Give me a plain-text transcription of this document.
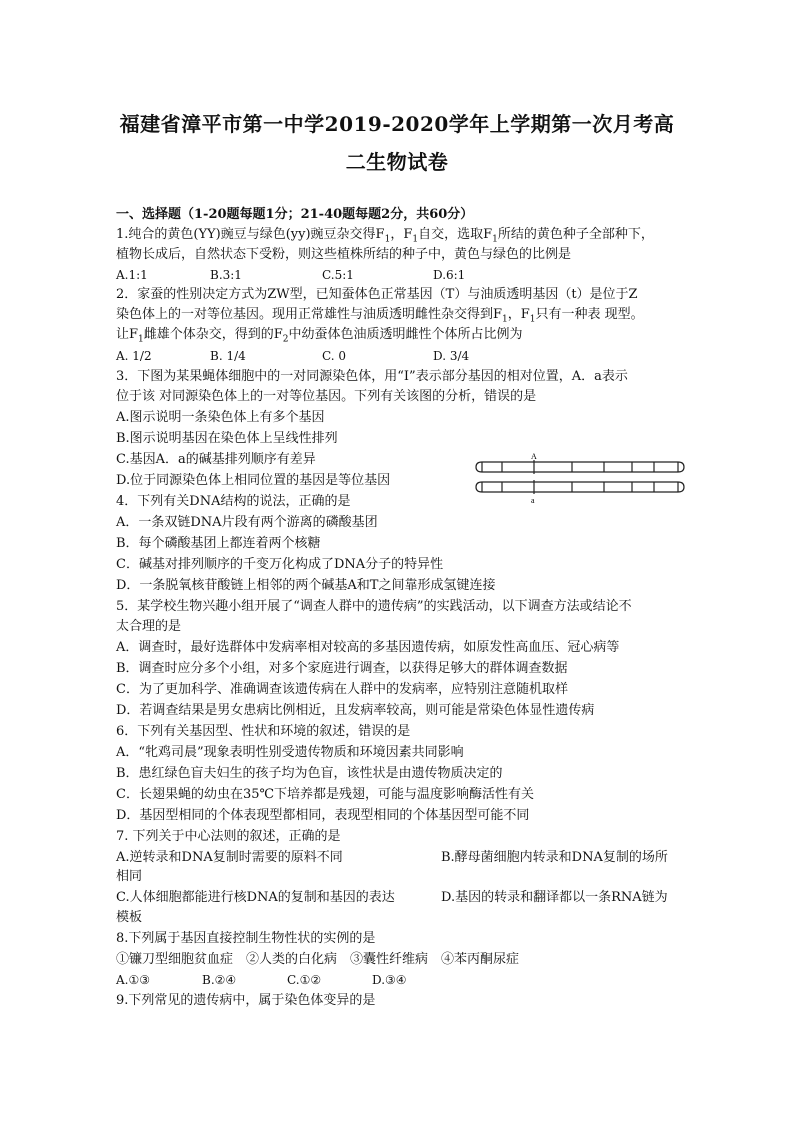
福建省漳平市第一中学2019-2020学年上学期第一次月考高
二生物试卷
一、选择题（1-20题每题1分；21-40题每题2分，共60分）
1.纯合的黄色(YY)豌豆与绿色(yy)豌豆杂交得$F_1$，$F_1$自交，选取$F_1$所结的黄色种子全部种下，
植物长成后，自然状态下受粉，则这些植株所结的种子中，黄色与绿色的比例是
A.1:1	B.3:1	C.5:1	D.6:1
2．家蚕的性别决定方式为ZW型，已知蚕体色正常基因（T）与油质透明基因（t）是位于Z
染色体上的一对等位基因。现用正常雄性与油质透明雌性杂交得到$F_1$，$F_1$只有一种表 现型。
让$F_1$雌雄个体杂交，得到的$F_2$中幼蚕体色油质透明雌性个体所占比例为
A. 1/2	B. 1/4	C. 0	D. 3/4
3．下图为某果蝇体细胞中的一对同源染色体，用“I”表示部分基因的相对位置，A．a表示
位于该 对同源染色体上的一对等位基因。下列有关该图的分析，错误的是
A.图示说明一条染色体上有多个基因
B.图示说明基因在染色体上呈线性排列
C.基因A．a的碱基排列顺序有差异
D.位于同源染色体上相同位置的基因是等位基因
A
a
4．下列有关DNA结构的说法，正确的是
A．一条双链DNA片段有两个游离的磷酸基团
B．每个磷酸基团上都连着两个核糖
C．碱基对排列顺序的千变万化构成了DNA分子的特异性
D．一条脱氧核苷酸链上相邻的两个碱基A和T之间靠形成氢键连接
5．某学校生物兴趣小组开展了“调查人群中的遗传病”的实践活动，以下调查方法或结论不
太合理的是
A．调查时，最好选群体中发病率相对较高的多基因遗传病，如原发性高血压、冠心病等
B．调查时应分多个小组，对多个家庭进行调查，以获得足够大的群体调查数据
C．为了更加科学、准确调查该遗传病在人群中的发病率，应特别注意随机取样
D．若调查结果是男女患病比例相近，且发病率较高，则可能是常染色体显性遗传病
6．下列有关基因型、性状和环境的叙述，错误的是
A．“牝鸡司晨”现象表明性别受遗传物质和环境因素共同影响
B．患红绿色盲夫妇生的孩子均为色盲，该性状是由遗传物质决定的
C．长翅果蝇的幼虫在35℃下培养都是残翅，可能与温度影响酶活性有关
D．基因型相同的个体表现型都相同，表现型相同的个体基因型可能不同
7. 下列关于中心法则的叙述，正确的是
A.逆转录和DNA复制时需要的原料不同	B.酵母菌细胞内转录和DNA复制的场所
相同
C.人体细胞都能进行核DNA的复制和基因的表达	D.基因的转录和翻译都以一条RNA链为
模板
8.下列属于基因直接控制生物性状的实例的是
①镰刀型细胞贫血症　②人类的白化病　③囊性纤维病　④苯丙酮尿症
A.①③	B.②④	C.①②	D.③④
9.下列常见的遗传病中，属于染色体变异的是
